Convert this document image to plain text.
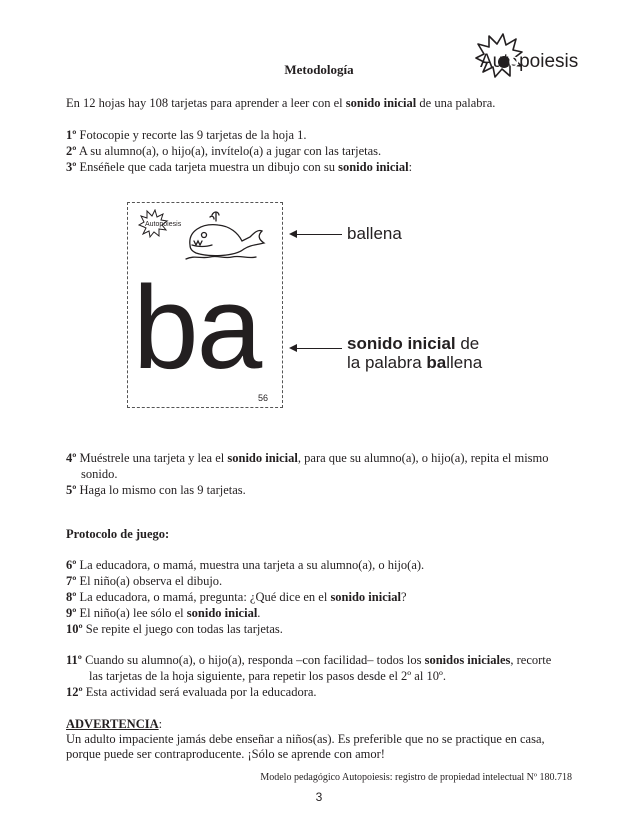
Autopoiesis
Metodología
En 12 hojas hay 108 tarjetas para aprender a leer con el sonido inicial de una palabra.
1º Fotocopie y recorte las 9 tarjetas de la hoja 1.
2º A su alumno(a), o hijo(a), invítelo(a) a jugar con las tarjetas.
3º Enséñele que cada tarjeta muestra un dibujo con su sonido inicial:
Autopoiesis
ba
56
ballena
sonido inicial de
la palabra ballena
4º Muéstrele una tarjeta y lea el sonido inicial, para que su alumno(a), o hijo(a), repita el mismo
sonido.
5º Haga lo mismo con las 9 tarjetas.
Protocolo de juego:
6º La educadora, o mamá, muestra una tarjeta a su alumno(a), o hijo(a).
7º El niño(a) observa el dibujo.
8º La educadora, o mamá, pregunta: ¿Qué dice en el sonido inicial?
9º El niño(a) lee sólo el sonido inicial.
10º Se repite el juego con todas las tarjetas.
11º Cuando su alumno(a), o hijo(a), responda –con facilidad– todos los sonidos iniciales, recorte
las tarjetas de la hoja siguiente, para repetir los pasos desde el 2º al 10º.
12º Esta actividad será evaluada por la educadora.
ADVERTENCIA:
Un adulto impaciente jamás debe enseñar a niños(as). Es preferible que no se practique en casa,
porque puede ser contraproducente. ¡Sólo se aprende con amor!
Modelo pedagógico Autopoiesis: registro de propiedad intelectual Nº 180.718
3
